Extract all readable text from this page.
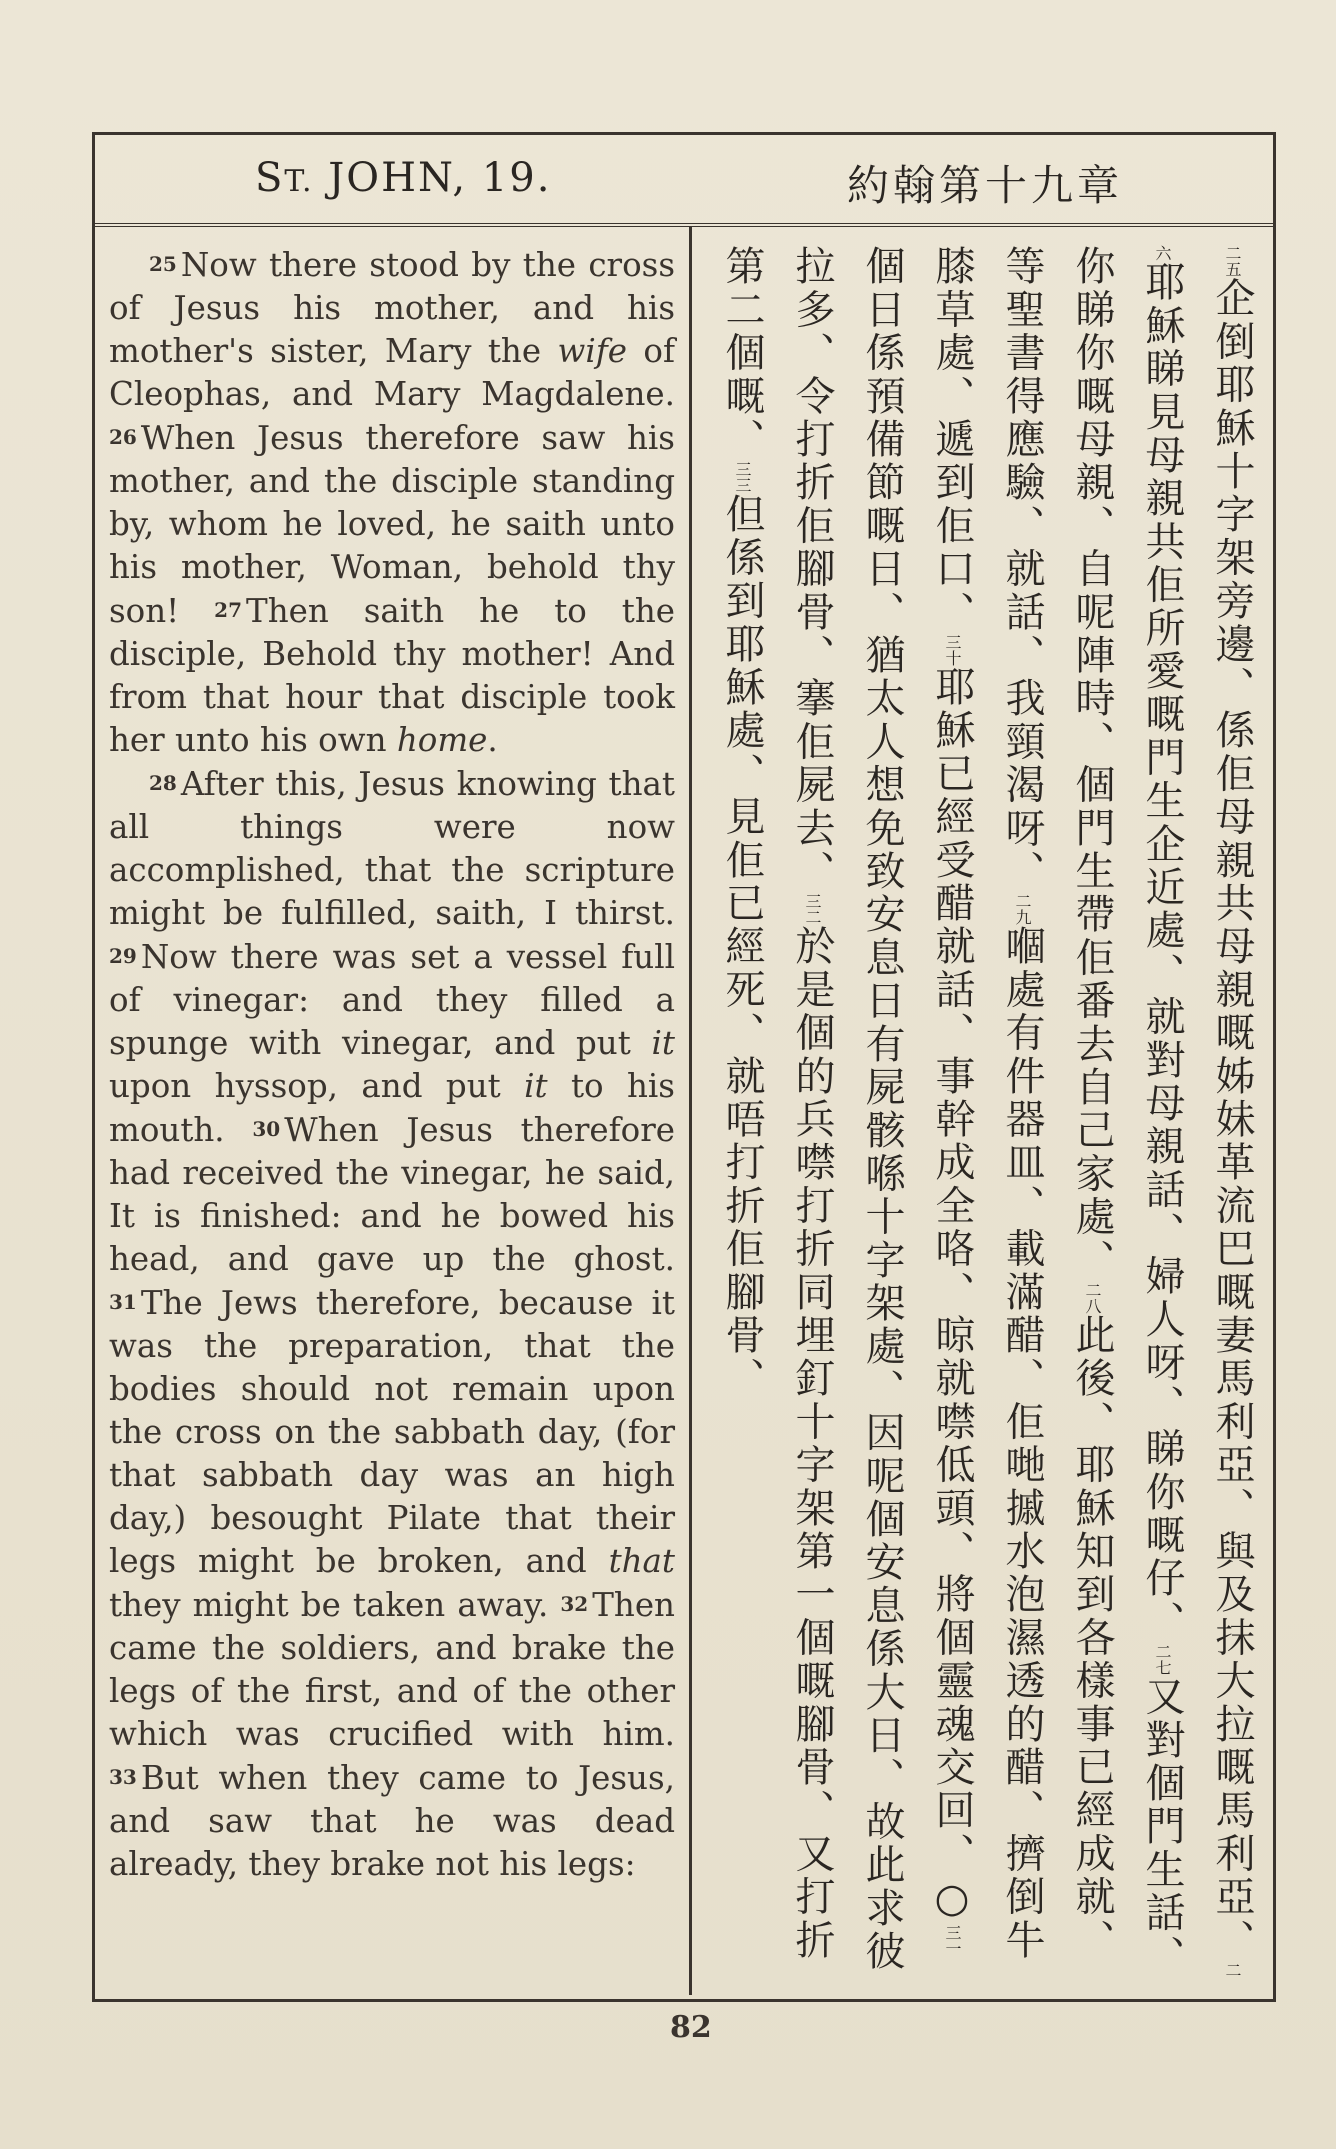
ST. JOHN, 19.	約翰第十九章

25 Now there stood by the cross of Jesus his mother, and his mother's sister, Mary the wife of Cleophas, and Mary Magdalene. 26 When Jesus therefore saw his mother, and the disciple standing by, whom he loved, he saith unto his mother, Woman, behold thy son! 27 Then saith he to the disciple, Behold thy mother! And from that hour that disciple took her unto his own home.

28 After this, Jesus knowing that all things were now accomplished, that the scripture might be fulfilled, saith, I thirst. 29 Now there was set a vessel full of vinegar: and they filled a spunge with vinegar, and put it upon hyssop, and put it to his mouth. 30 When Jesus therefore had received the vinegar, he said, It is finished: and he bowed his head, and gave up the ghost. 31 The Jews therefore, because it was the preparation, that the bodies should not remain upon the cross on the sabbath day, (for that sabbath day was an high day,) besought Pilate that their legs might be broken, and that they might be taken away. 32 Then came the soldiers, and brake the legs of the first, and of the other which was crucified with him. 33 But when they came to Jesus, and saw that he was dead already, they brake not his legs:

二五企倒耶穌十字架旁邊、係佢母親共母親嘅姊妹革流巴嘅妻馬利亞、與及抹大拉嘅馬利亞、二六耶穌睇見母親共佢所愛嘅門生企近處、就對母親話、婦人呀、睇你嘅仔、二七又對個門生話、你睇你嘅母親、自呢陣時、個門生帶佢番去自己家處、二八此後、耶穌知到各樣事已經成就、等聖書得應驗、就話、我頸渴呀、二九嗰處有件器皿、載滿醋、佢哋摵水泡濕透的醋、擠倒牛膝草處、遞到佢口、三十耶穌已經受醋就話、事幹成全咯、晾就噤低頭、將個靈魂交回、○三一個日係預備節嘅日、猶太人想免致安息日有屍骸喺十字架處、因呢個安息係大日、故此求彼拉多、令打折佢腳骨、搴佢屍去、三二於是個的兵噤打折同埋釘十字架第一個嘅腳骨、又打折第二個嘅、三三但係到耶穌處、見佢已經死、就唔打折佢腳骨、
82
